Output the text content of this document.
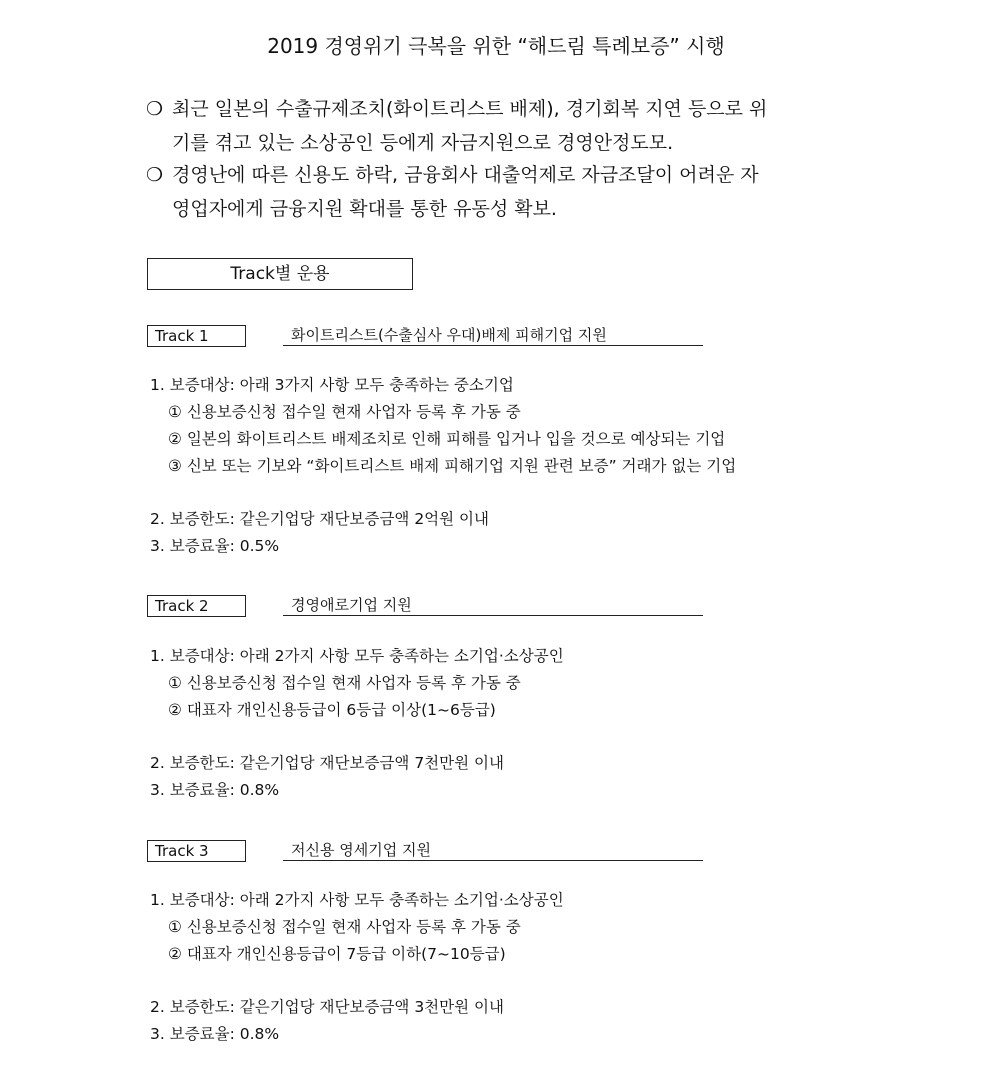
2019 경영위기 극복을 위한 “해드림 특례보증” 시행
❍ 최근 일본의 수출규제조치(화이트리스트 배제), 경기회복 지연 등으로 위
기를 겪고 있는 소상공인 등에게 자금지원으로 경영안정도모.
❍ 경영난에 따른 신용도 하락, 금융회사 대출억제로 자금조달이 어려운 자
영업자에게 금융지원 확대를 통한 유동성 확보.
Track별 운용
Track 1	화이트리스트(수출심사 우대)배제 피해기업 지원
1. 보증대상: 아래 3가지 사항 모두 충족하는 중소기업
① 신용보증신청 접수일 현재 사업자 등록 후 가동 중
② 일본의 화이트리스트 배제조치로 인해 피해를 입거나 입을 것으로 예상되는 기업
③ 신보 또는 기보와 “화이트리스트 배제 피해기업 지원 관련 보증” 거래가 없는 기업
2. 보증한도: 같은기업당 재단보증금액 2억원 이내
3. 보증료율: 0.5%
Track 2	경영애로기업 지원
1. 보증대상: 아래 2가지 사항 모두 충족하는 소기업·소상공인
① 신용보증신청 접수일 현재 사업자 등록 후 가동 중
② 대표자 개인신용등급이 6등급 이상(1~6등급)
2. 보증한도: 같은기업당 재단보증금액 7천만원 이내
3. 보증료율: 0.8%
Track 3	저신용 영세기업 지원
1. 보증대상: 아래 2가지 사항 모두 충족하는 소기업·소상공인
① 신용보증신청 접수일 현재 사업자 등록 후 가동 중
② 대표자 개인신용등급이 7등급 이하(7~10등급)
2. 보증한도: 같은기업당 재단보증금액 3천만원 이내
3. 보증료율: 0.8%
